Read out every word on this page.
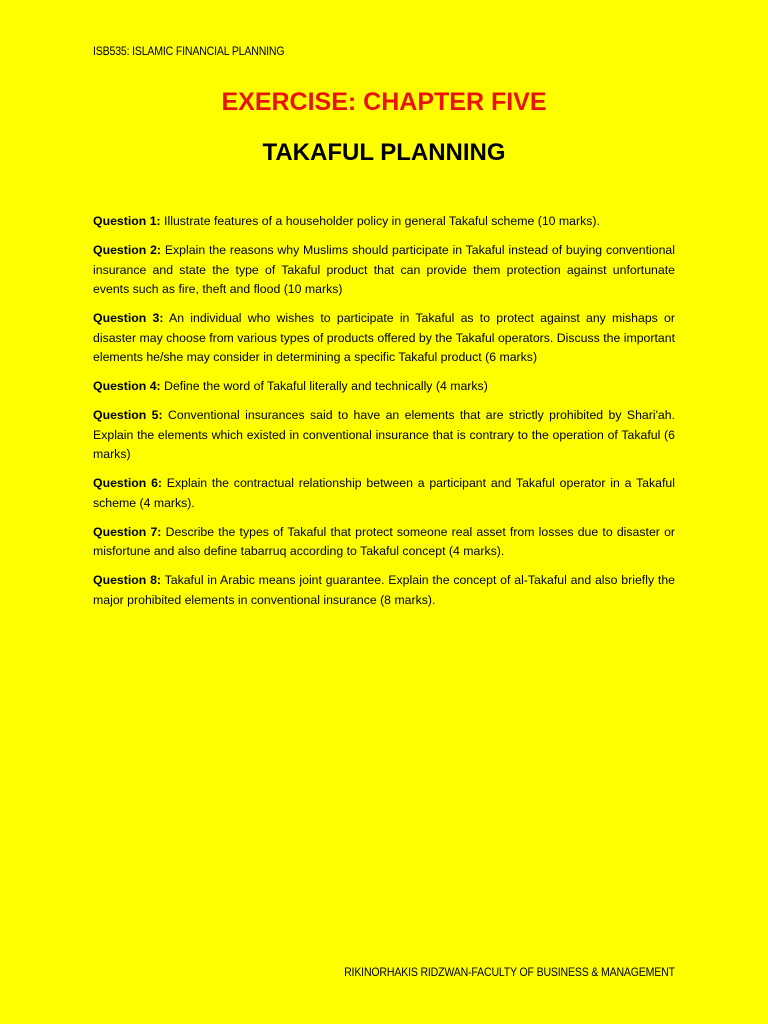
ISB535: ISLAMIC FINANCIAL PLANNING
EXERCISE: CHAPTER FIVE
TAKAFUL PLANNING

Question 1: Illustrate features of a householder policy in general Takaful scheme (10 marks).

Question 2: Explain the reasons why Muslims should participate in Takaful instead of buying conventional insurance and state the type of Takaful product that can provide them protection against unfortunate events such as fire, theft and flood (10 marks)

Question 3: An individual who wishes to participate in Takaful as to protect against any mishaps or disaster may choose from various types of products offered by the Takaful operators. Discuss the important elements he/she may consider in determining a specific Takaful product (6 marks)

Question 4: Define the word of Takaful literally and technically (4 marks)

Question 5: Conventional insurances said to have an elements that are strictly prohibited by Shari'ah. Explain the elements which existed in conventional insurance that is contrary to the operation of Takaful (6 marks)

Question 6: Explain the contractual relationship between a participant and Takaful operator in a Takaful scheme (4 marks).

Question 7: Describe the types of Takaful that protect someone real asset from losses due to disaster or misfortune and also define tabarruq according to Takaful concept (4 marks).

Question 8: Takaful in Arabic means joint guarantee. Explain the concept of al-Takaful and also briefly the major prohibited elements in conventional insurance (8 marks).

RIKINORHAKIS RIDZWAN-FACULTY OF BUSINESS & MANAGEMENT
